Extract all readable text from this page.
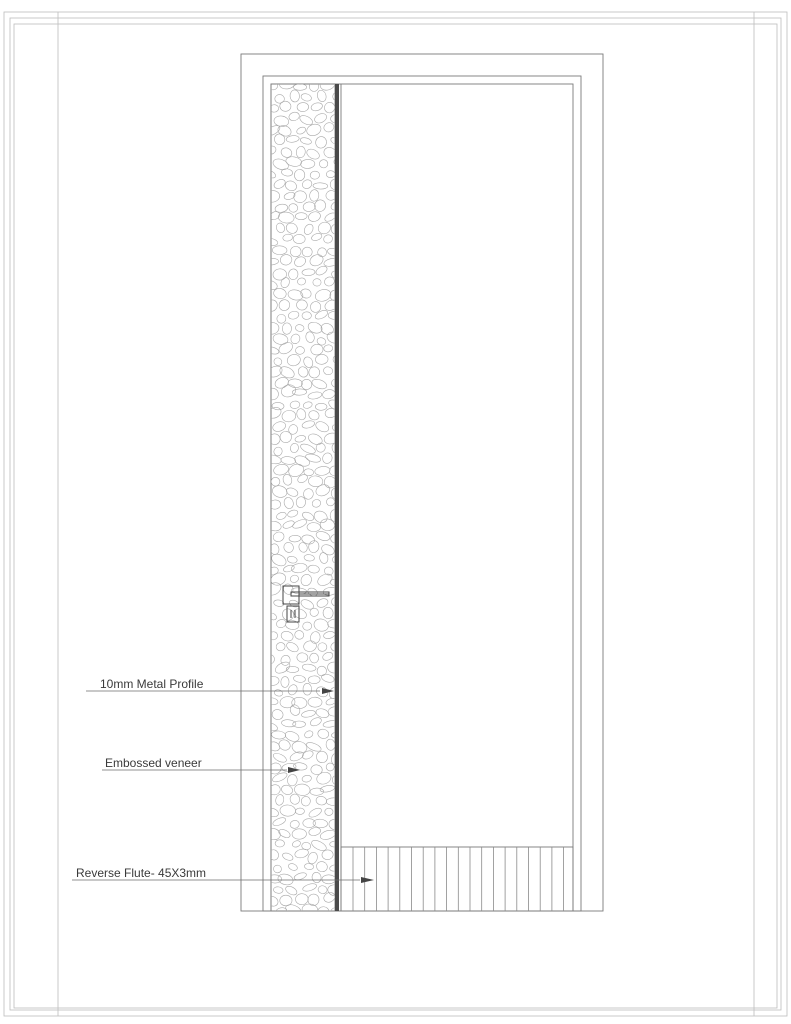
10mm Metal Profile
Embossed veneer
Reverse Flute- 45X3mm
